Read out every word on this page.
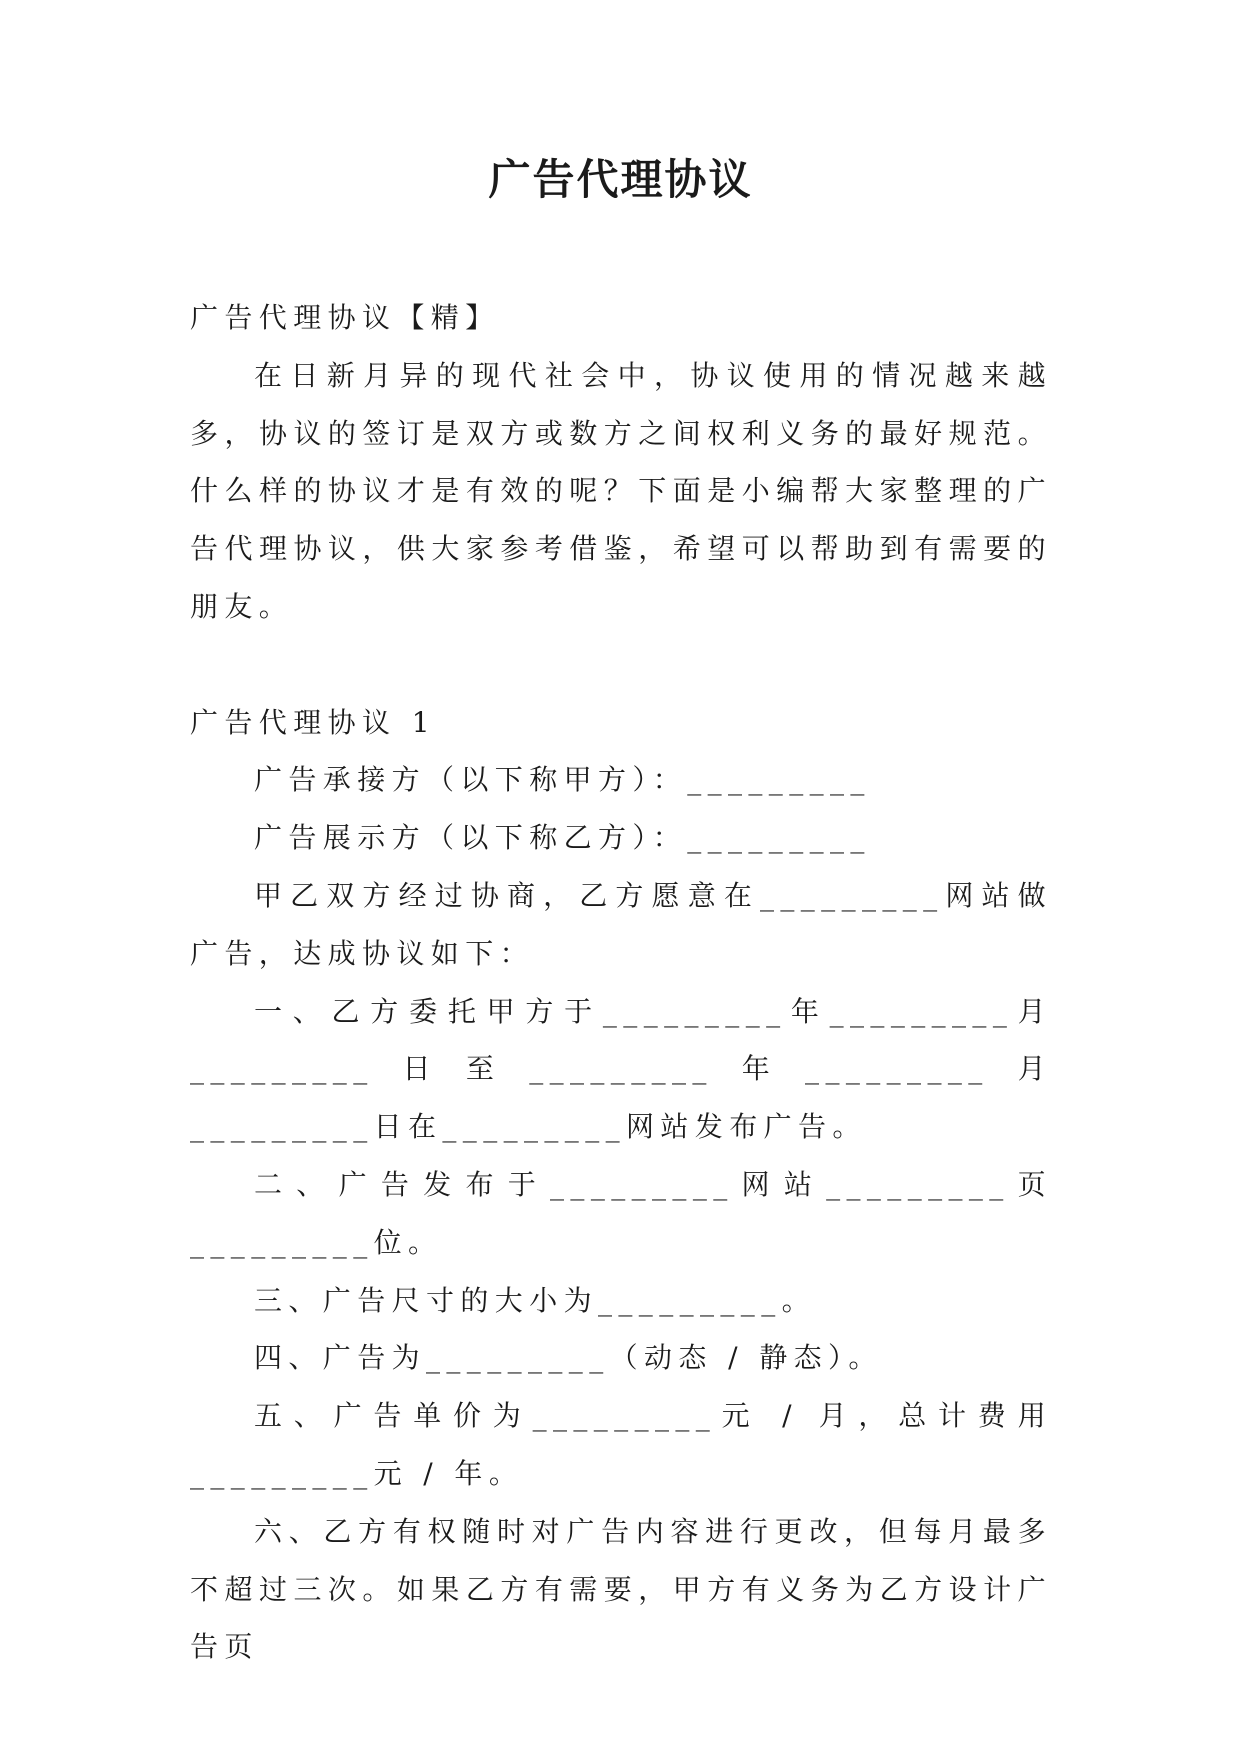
广告代理协议

广告代理协议【精】

在日新月异的现代社会中，协议使用的情况越来越多，协议的签订是双方或数方之间权利义务的最好规范。什么样的协议才是有效的呢？下面是小编帮大家整理的广告代理协议，供大家参考借鉴，希望可以帮助到有需要的朋友。

广告代理协议 1

广告承接方（以下称甲方）：_________

广告展示方（以下称乙方）：_________

甲乙双方经过协商，乙方愿意在_________网站做广告，达成协议如下：

一、乙方委托甲方于_________年_________月_________日至_________年_________月_________日在_________网站发布广告。

二、广告发布于_________网站_________页_________位。

三、广告尺寸的大小为_________。

四、广告为_________（动态 / 静态）。

五、广告单价为_________元 / 月，总计费用_________元 / 年。

六、乙方有权随时对广告内容进行更改，但每月最多不超过三次。如果乙方有需要，甲方有义务为乙方设计广告页
